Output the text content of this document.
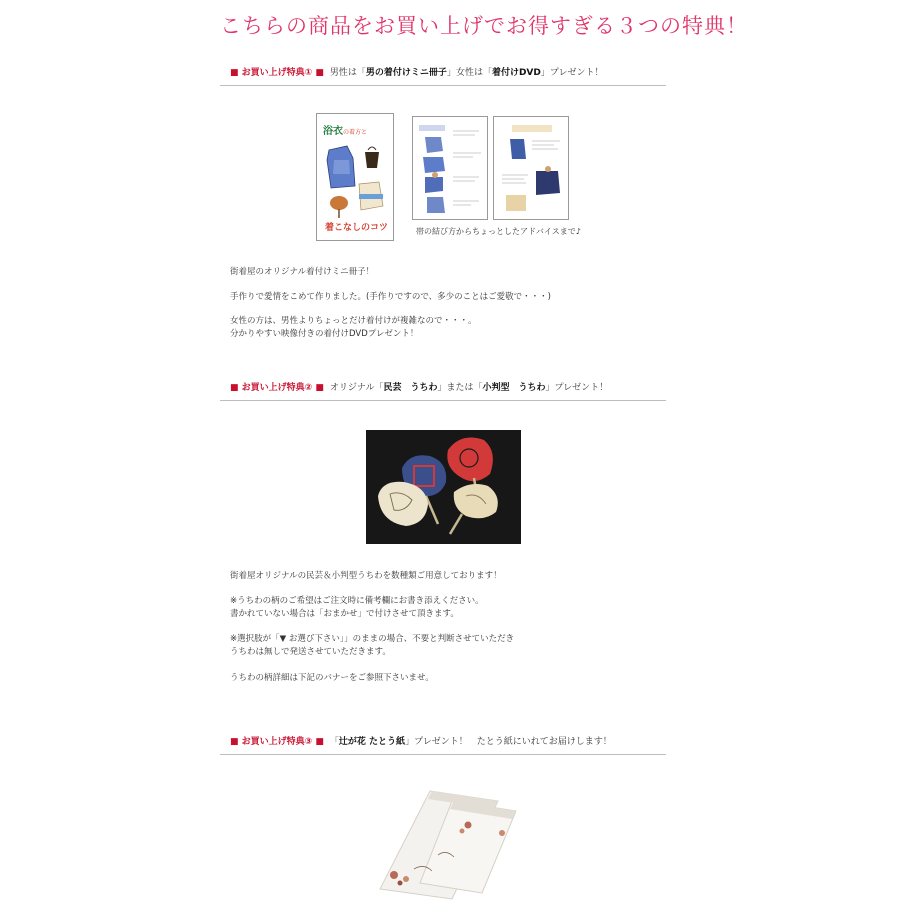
こちらの商品をお買い上げでお得すぎる３つの特典！
■ お買い上げ特典① ■ 男性は「男の着付けミニ冊子」女性は「着付けDVD」プレゼント！
浴衣の着方と
着こなしのコツ	帯の結び方からちょっとしたアドバイスまで♪
街着屋のオリジナル着付けミニ冊子！
手作りで愛情をこめて作りました。(手作りですので、多少のことはご愛敬で・・・)
女性の方は、男性よりちょっとだけ着付けが複雑なので・・・。
分かりやすい映像付きの着付けDVDプレゼント！
■ お買い上げ特典② ■ オリジナル「民芸　うちわ」または「小判型　うちわ」プレゼント！
街着屋オリジナルの民芸＆小判型うちわを数種類ご用意しております！
※うちわの柄のご希望はご注文時に備考欄にお書き添えください。
書かれていない場合は「おまかせ」で付けさせて頂きます。
※選択肢が「▼ お選び下さい」」のままの場合、不要と判断させていただき
うちわは無しで発送させていただきます。
うちわの柄詳細は下記のバナーをご参照下さいませ。
■ お買い上げ特典③ ■ 「辻が花 たとう紙」プレゼント！　たとう紙にいれてお届けします！
